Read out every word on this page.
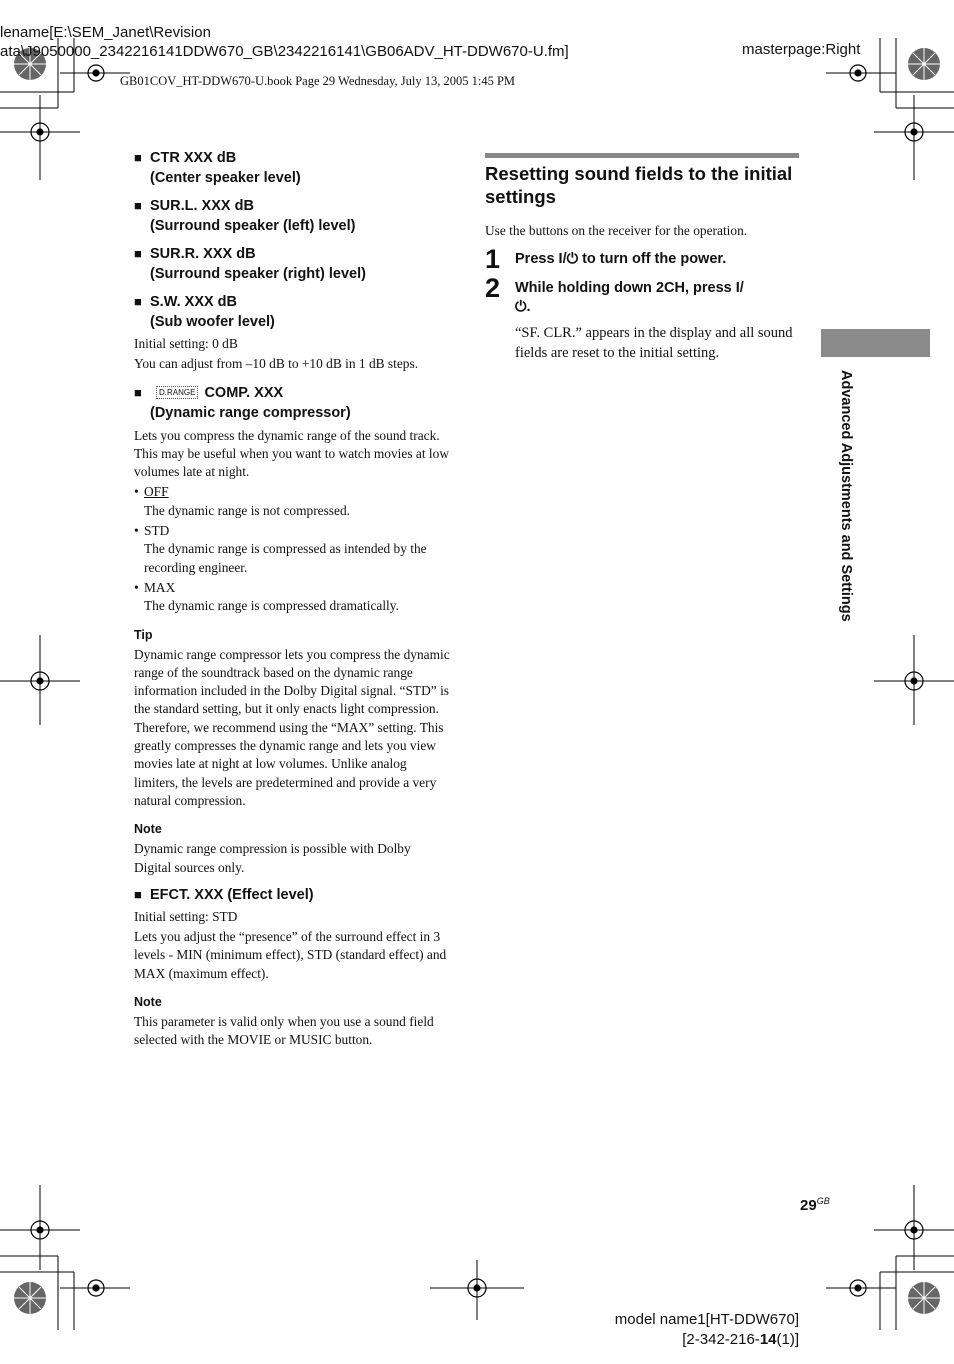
lename[E:\SEM_Janet\Revision
ata\J9050000_2342216141DDW670_GB\2342216141\GB06ADV_HT-DDW670-U.fm]	masterpage:Right
GB01COV_HT-DDW670-U.book Page 29 Wednesday, July 13, 2005 1:45 PM
■ CTR XXX dB
(Center speaker level)
■ SUR.L. XXX dB
(Surround speaker (left) level)
■ SUR.R. XXX dB
(Surround speaker (right) level)
■ S.W. XXX dB
(Sub woofer level)

Initial setting: 0 dB

You can adjust from –10 dB to +10 dB in 1 dB steps.

■ D.RANGE COMP. XXX
(Dynamic range compressor)

Lets you compress the dynamic range of the sound track. This may be useful when you want to watch movies at low volumes late at night.

• OFF
The dynamic range is not compressed.
• STD
The dynamic range is compressed as intended by the recording engineer.
• MAX
The dynamic range is compressed dramatically.
Tip

Dynamic range compressor lets you compress the dynamic range of the soundtrack based on the dynamic range information included in the Dolby Digital signal. “STD” is the standard setting, but it only enacts light compression. Therefore, we recommend using the “MAX” setting. This greatly compresses the dynamic range and lets you view movies late at night at low volumes. Unlike analog limiters, the levels are predetermined and provide a very natural compression.

Note

Dynamic range compression is possible with Dolby Digital sources only.

■ EFCT. XXX (Effect level)

Initial setting: STD

Lets you adjust the “presence” of the surround effect in 3 levels - MIN (minimum effect), STD (standard effect) and MAX (maximum effect).

Note

This parameter is valid only when you use a sound field selected with the MOVIE or MUSIC button.

Resetting sound fields to the initial settings

Use the buttons on the receiver for the operation.

1 Press I/⏻ to turn off the power.
2 While holding down 2CH, press I/⏻.

“SF. CLR.” appears in the display and all sound fields are reset to the initial setting.

Advanced Adjustments and Settings
$29^{GB}$
model name1[HT-DDW670]
[2-342-216-14(1)]
